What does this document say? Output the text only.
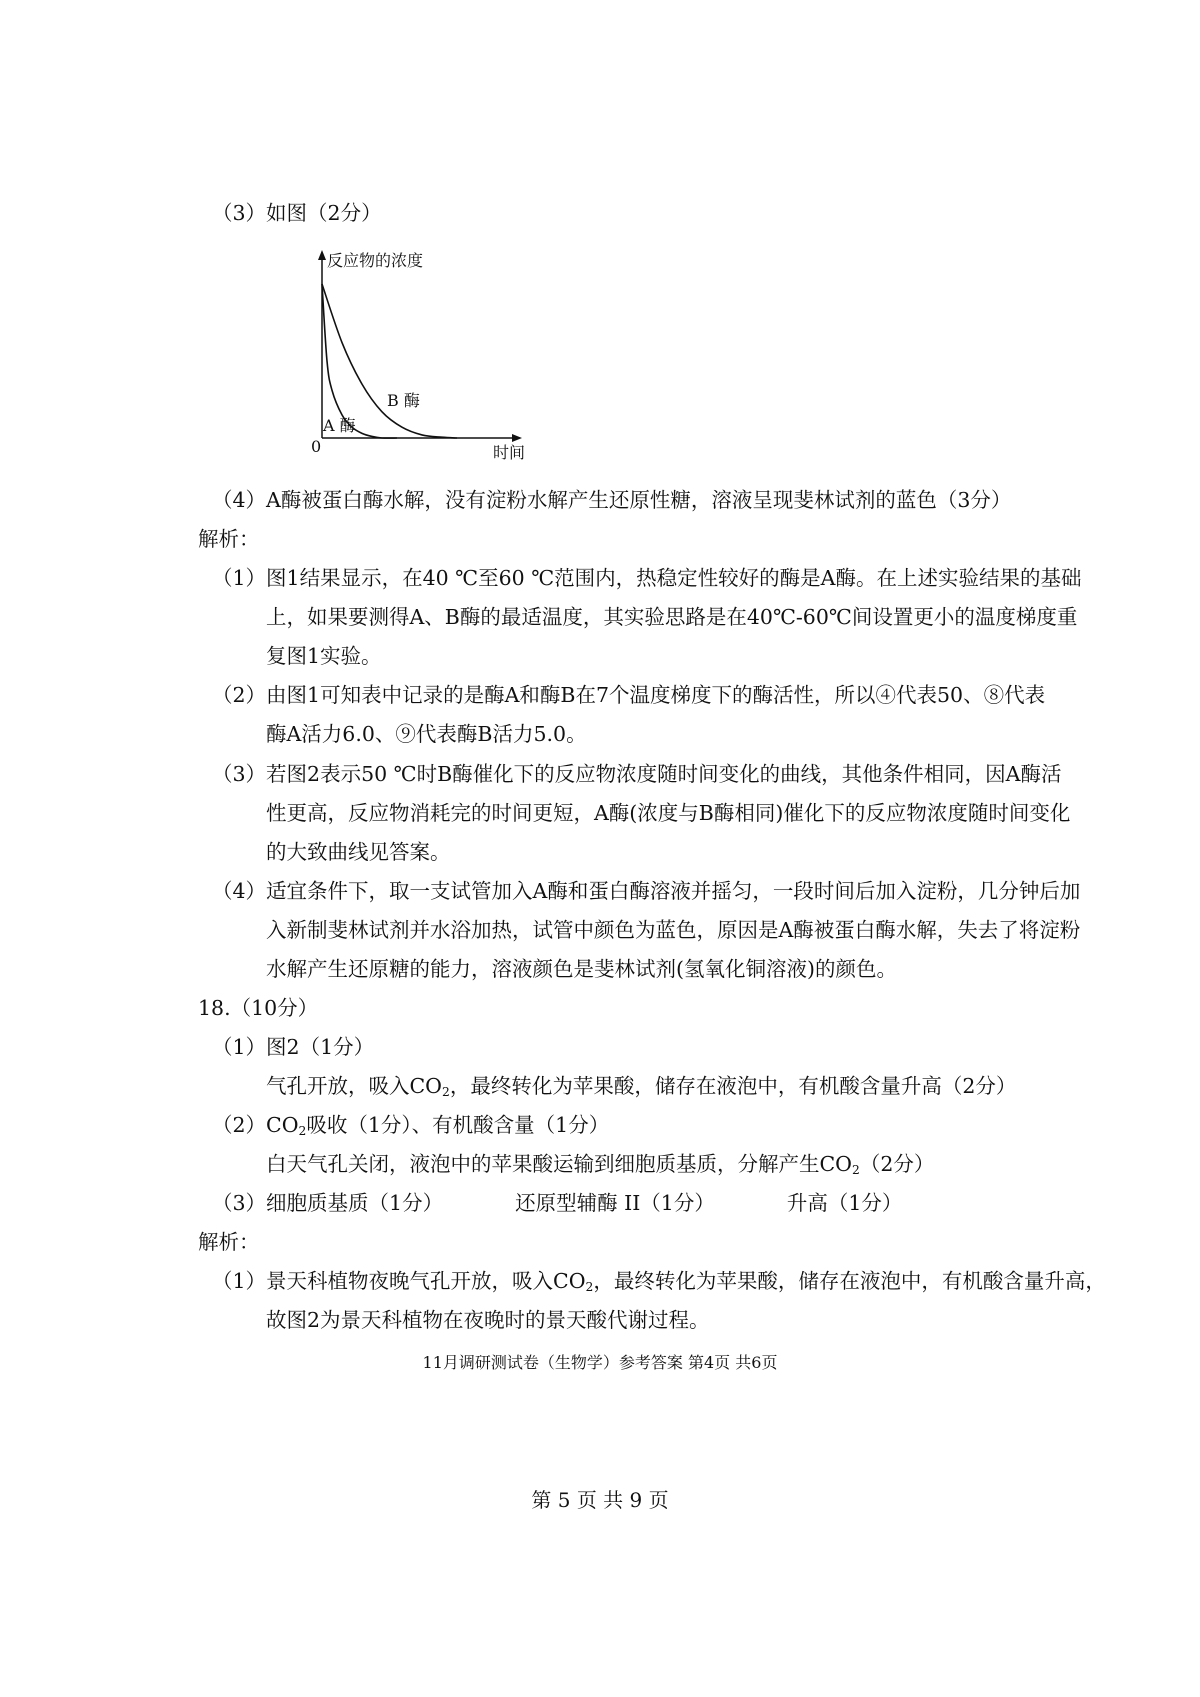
（3）如图（2分）
反应物的浓度
时间
0
B 酶
A 酶
（4）A酶被蛋白酶水解，没有淀粉水解产生还原性糖，溶液呈现斐林试剂的蓝色（3分）
解析：
（1）图1结果显示，在40 ℃至60 ℃范围内，热稳定性较好的酶是A酶。在上述实验结果的基础
上，如果要测得A、B酶的最适温度，其实验思路是在40℃-60℃间设置更小的温度梯度重
复图1实验。
（2）由图1可知表中记录的是酶A和酶B在7个温度梯度下的酶活性，所以④代表50、⑧代表
酶A活力6.0、⑨代表酶B活力5.0。
（3）若图2表示50 ℃时B酶催化下的反应物浓度随时间变化的曲线，其他条件相同，因A酶活
性更高，反应物消耗完的时间更短，A酶(浓度与B酶相同)催化下的反应物浓度随时间变化
的大致曲线见答案。
（4）适宜条件下，取一支试管加入A酶和蛋白酶溶液并摇匀，一段时间后加入淀粉，几分钟后加
入新制斐林试剂并水浴加热，试管中颜色为蓝色，原因是A酶被蛋白酶水解，失去了将淀粉
水解产生还原糖的能力，溶液颜色是斐林试剂(氢氧化铜溶液)的颜色。
18.（10分）
（1）图2（1分）
气孔开放，吸入$CO_2$，最终转化为苹果酸，储存在液泡中，有机酸含量升高（2分）
$(2)CO_2$吸收（1分）、有机酸含量（1分）
白天气孔关闭，液泡中的苹果酸运输到细胞质基质，分解产生$CO_2(2$分）
（3）细胞质基质（1分）	还原型辅酶 II（1分）	升高（1分）
解析：
（1）景天科植物夜晚气孔开放，吸入$CO_2$，最终转化为苹果酸，储存在液泡中，有机酸含量升高，
故图2为景天科植物在夜晚时的景天酸代谢过程。
11月调研测试卷（生物学）参考答案 第4页 共6页
第 5 页 共 9 页
